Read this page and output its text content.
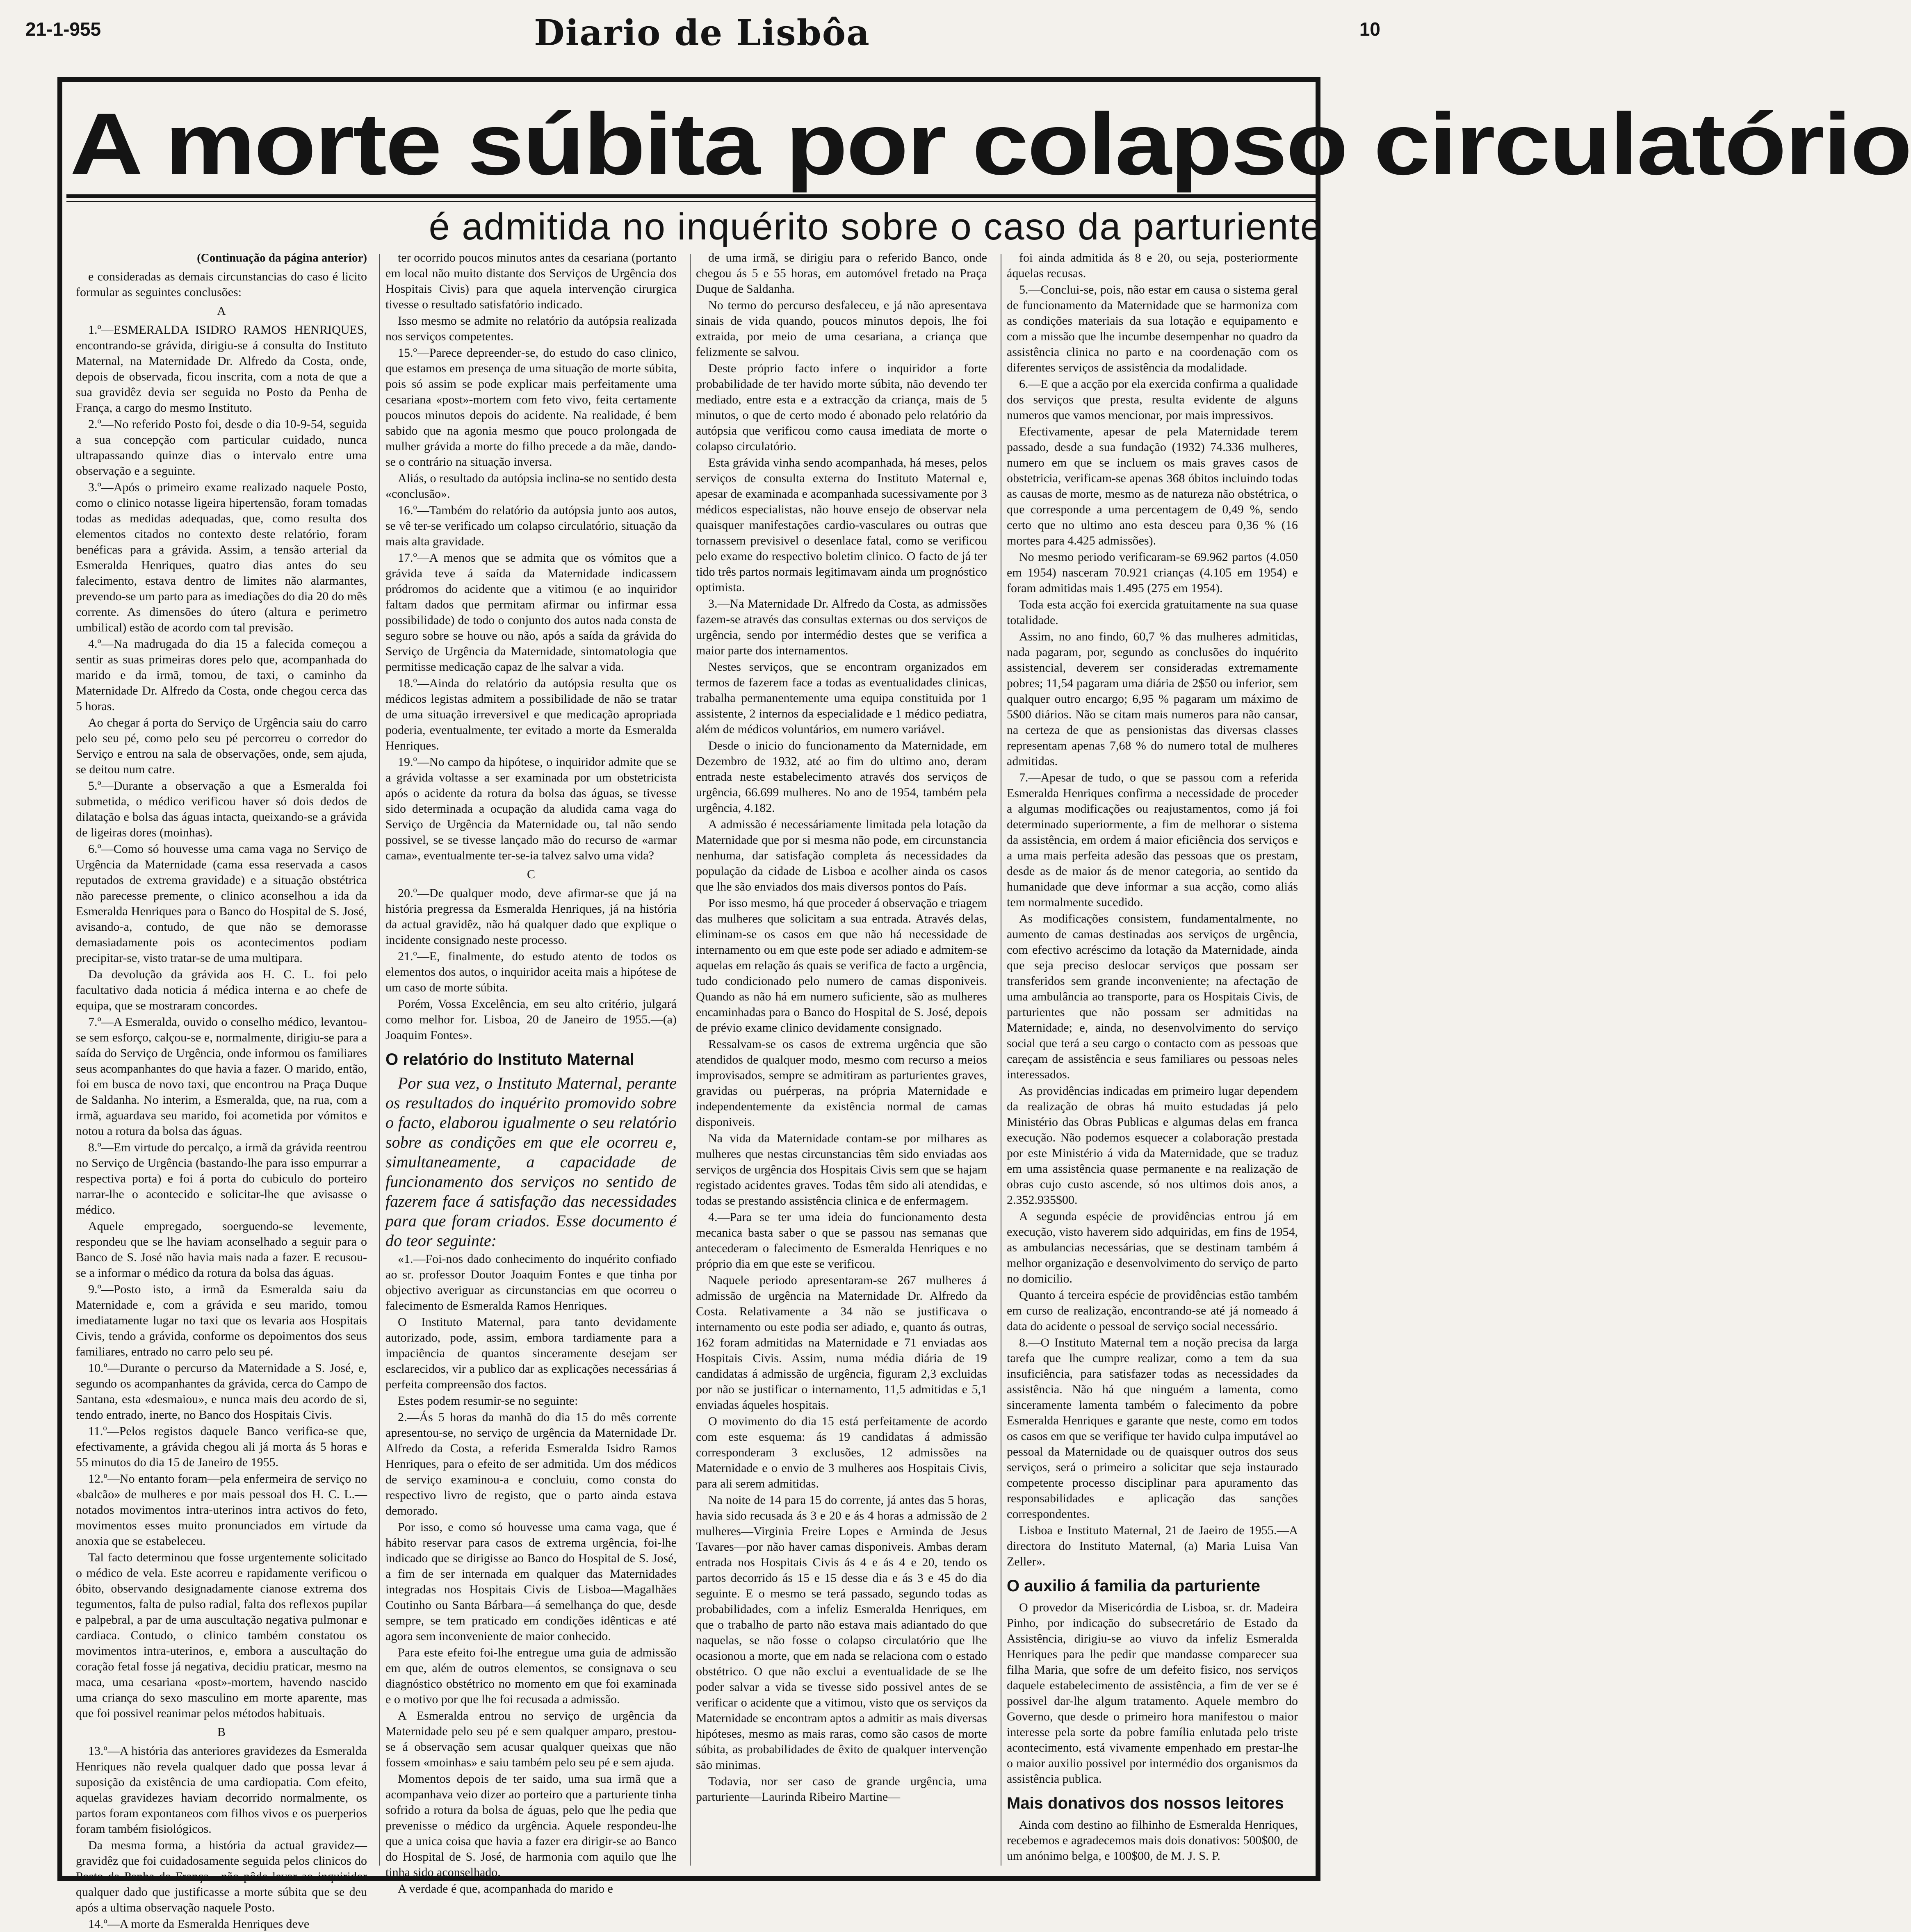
21-1-955	Diario de Lisbôa	10
A morte súbita por colapso circulatório
é admitida no inquérito sobre o caso da parturiente

(Continuação da página anterior)

e consideradas as demais circunstancias do caso é licito formular as seguintes conclusões:

A

1.º—ESMERALDA ISIDRO RAMOS HENRIQUES, encontrando-se grávida, dirigiu-se á consulta do Instituto Maternal, na Maternidade Dr. Alfredo da Costa, onde, depois de observada, ficou inscrita, com a nota de que a sua gravidêz devia ser seguida no Posto da Penha de França, a cargo do mesmo Instituto.

2.º—No referido Posto foi, desde o dia 10-9-54, seguida a sua concepção com particular cuidado, nunca ultrapassando quinze dias o intervalo entre uma observação e a seguinte.

3.º—Após o primeiro exame realizado naquele Posto, como o clinico notasse ligeira hipertensão, foram tomadas todas as medidas adequadas, que, como resulta dos elementos citados no contexto deste relatório, foram benéficas para a grávida. Assim, a tensão arterial da Esmeralda Henriques, quatro dias antes do seu falecimento, estava dentro de limites não alarmantes, prevendo-se um parto para as imediações do dia 20 do mês corrente. As dimensões do útero (altura e perimetro umbilical) estão de acordo com tal previsão.

4.º—Na madrugada do dia 15 a falecida começou a sentir as suas primeiras dores pelo que, acompanhada do marido e da irmã, tomou, de taxi, o caminho da Maternidade Dr. Alfredo da Costa, onde chegou cerca das 5 horas.

Ao chegar á porta do Serviço de Urgência saiu do carro pelo seu pé, como pelo seu pé percorreu o corredor do Serviço e entrou na sala de observações, onde, sem ajuda, se deitou num catre.

5.º—Durante a observação a que a Esmeralda foi submetida, o médico verificou haver só dois dedos de dilatação e bolsa das águas intacta, queixando-se a grávida de ligeiras dores (moinhas).

6.º—Como só houvesse uma cama vaga no Serviço de Urgência da Maternidade (cama essa reservada a casos reputados de extrema gravidade) e a situação obstétrica não parecesse premente, o clinico aconselhou a ida da Esmeralda Henriques para o Banco do Hospital de S. José, avisando-a, contudo, de que não se demorasse demasiadamente pois os acontecimentos podiam precipitar-se, visto tratar-se de uma multipara.

Da devolução da grávida aos H. C. L. foi pelo facultativo dada noticia á médica interna e ao chefe de equipa, que se mostraram concordes.

7.º—A Esmeralda, ouvido o conselho médico, levantou-se sem esforço, calçou-se e, normalmente, dirigiu-se para a saída do Serviço de Urgência, onde informou os familiares seus acompanhantes do que havia a fazer. O marido, então, foi em busca de novo taxi, que encontrou na Praça Duque de Saldanha. No interim, a Esmeralda, que, na rua, com a irmã, aguardava seu marido, foi acometida por vómitos e notou a rotura da bolsa das águas.

8.º—Em virtude do percalço, a irmã da grávida reentrou no Serviço de Urgência (bastando-lhe para isso empurrar a respectiva porta) e foi á porta do cubiculo do porteiro narrar-lhe o acontecido e solicitar-lhe que avisasse o médico.

Aquele empregado, soerguendo-se levemente, respondeu que se lhe haviam aconselhado a seguir para o Banco de S. José não havia mais nada a fazer. E recusou-se a informar o médico da rotura da bolsa das águas.

9.º—Posto isto, a irmã da Esmeralda saiu da Maternidade e, com a grávida e seu marido, tomou imediatamente lugar no taxi que os levaria aos Hospitais Civis, tendo a grávida, conforme os depoimentos dos seus familiares, entrado no carro pelo seu pé.

10.º—Durante o percurso da Maternidade a S. José, e, segundo os acompanhantes da grávida, cerca do Campo de Santana, esta «desmaiou», e nunca mais deu acordo de si, tendo entrado, inerte, no Banco dos Hospitais Civis.

11.º—Pelos registos daquele Banco verifica-se que, efectivamente, a grávida chegou ali já morta ás 5 horas e 55 minutos do dia 15 de Janeiro de 1955.

12.º—No entanto foram—pela enfermeira de serviço no «balcão» de mulheres e por mais pessoal dos H. C. L.—notados movimentos intra-uterinos intra activos do feto, movimentos esses muito pronunciados em virtude da anoxia que se estabeleceu.

Tal facto determinou que fosse urgentemente solicitado o médico de vela. Este acorreu e rapidamente verificou o óbito, observando designadamente cianose extrema dos tegumentos, falta de pulso radial, falta dos reflexos pupilar e palpebral, a par de uma auscultação negativa pulmonar e cardiaca. Contudo, o clinico também constatou os movimentos intra-uterinos, e, embora a auscultação do coração fetal fosse já negativa, decidiu praticar, mesmo na maca, uma cesariana «post»-mortem, havendo nascido uma criança do sexo masculino em morte aparente, mas que foi possivel reanimar pelos métodos habituais.

B

13.º—A história das anteriores gravidezes da Esmeralda Henriques não revela qualquer dado que possa levar á suposição da existência de uma cardiopatia. Com efeito, aquelas gravidezes haviam decorrido normalmente, os partos foram expontaneos com filhos vivos e os puerperios foram também fisiológicos.

Da mesma forma, a história da actual gravidez—gravidêz que foi cuidadosamente seguida pelos clinicos do Posto da Penha de França—não pôde levar ao inquiridor qualquer dado que justificasse a morte súbita que se deu após a ultima observação naquele Posto.

14.º—A morte da Esmeralda Henriques deve

ter ocorrido poucos minutos antes da cesariana (portanto em local não muito distante dos Serviços de Urgência dos Hospitais Civis) para que aquela intervenção cirurgica tivesse o resultado satisfatório indicado.

Isso mesmo se admite no relatório da autópsia realizada nos serviços competentes.

15.º—Parece depreender-se, do estudo do caso clinico, que estamos em presença de uma situação de morte súbita, pois só assim se pode explicar mais perfeitamente uma cesariana «post»-mortem com feto vivo, feita certamente poucos minutos depois do acidente. Na realidade, é bem sabido que na agonia mesmo que pouco prolongada de mulher grávida a morte do filho precede a da mãe, dando-se o contrário na situação inversa.

Aliás, o resultado da autópsia inclina-se no sentido desta «conclusão».

16.º—Também do relatório da autópsia junto aos autos, se vê ter-se verificado um colapso circulatório, situação da mais alta gravidade.

17.º—A menos que se admita que os vómitos que a grávida teve á saída da Maternidade indicassem pródromos do acidente que a vitimou (e ao inquiridor faltam dados que permitam afirmar ou infirmar essa possibilidade) de todo o conjunto dos autos nada consta de seguro sobre se houve ou não, após a saída da grávida do Serviço de Urgência da Maternidade, sintomatologia que permitisse medicação capaz de lhe salvar a vida.

18.º—Ainda do relatório da autópsia resulta que os médicos legistas admitem a possibilidade de não se tratar de uma situação irreversivel e que medicação apropriada poderia, eventualmente, ter evitado a morte da Esmeralda Henriques.

19.º—No campo da hipótese, o inquiridor admite que se a grávida voltasse a ser examinada por um obstetricista após o acidente da rotura da bolsa das águas, se tivesse sido determinada a ocupação da aludida cama vaga do Serviço de Urgência da Maternidade ou, tal não sendo possivel, se se tivesse lançado mão do recurso de «armar cama», eventualmente ter-se-ia talvez salvo uma vida?

C

20.º—De qualquer modo, deve afirmar-se que já na história pregressa da Esmeralda Henriques, já na história da actual gravidêz, não há qualquer dado que explique o incidente consignado neste processo.

21.º—E, finalmente, do estudo atento de todos os elementos dos autos, o inquiridor aceita mais a hipótese de um caso de morte súbita.

Porém, Vossa Excelência, em seu alto critério, julgará como melhor for. Lisboa, 20 de Janeiro de 1955.—(a) Joaquim Fontes».

O relatório do Instituto Maternal

Por sua vez, o Instituto Maternal, perante os resultados do inquérito promovido sobre o facto, elaborou igualmente o seu relatório sobre as condições em que ele ocorreu e, simultaneamente, a capacidade de funcionamento dos serviços no sentido de fazerem face á satisfação das necessidades para que foram criados. Esse documento é do teor seguinte:

«1.—Foi-nos dado conhecimento do inquérito confiado ao sr. professor Doutor Joaquim Fontes e que tinha por objectivo averiguar as circunstancias em que ocorreu o falecimento de Esmeralda Ramos Henriques.

O Instituto Maternal, para tanto devidamente autorizado, pode, assim, embora tardiamente para a impaciência de quantos sinceramente desejam ser esclarecidos, vir a publico dar as explicações necessárias á perfeita compreensão dos factos.

Estes podem resumir-se no seguinte:

2.—Ás 5 horas da manhã do dia 15 do mês corrente apresentou-se, no serviço de urgência da Maternidade Dr. Alfredo da Costa, a referida Esmeralda Isidro Ramos Henriques, para o efeito de ser admitida. Um dos médicos de serviço examinou-a e concluiu, como consta do respectivo livro de registo, que o parto ainda estava demorado.

Por isso, e como só houvesse uma cama vaga, que é hábito reservar para casos de extrema urgência, foi-lhe indicado que se dirigisse ao Banco do Hospital de S. José, a fim de ser internada em qualquer das Maternidades integradas nos Hospitais Civis de Lisboa—Magalhães Coutinho ou Santa Bárbara—á semelhança do que, desde sempre, se tem praticado em condições idênticas e até agora sem inconveniente de maior conhecido.

Para este efeito foi-lhe entregue uma guia de admissão em que, além de outros elementos, se consignava o seu diagnóstico obstétrico no momento em que foi examinada e o motivo por que lhe foi recusada a admissão.

A Esmeralda entrou no serviço de urgência da Maternidade pelo seu pé e sem qualquer amparo, prestou-se á observação sem acusar qualquer queixas que não fossem «moinhas» e saiu também pelo seu pé e sem ajuda.

Momentos depois de ter saido, uma sua irmã que a acompanhava veio dizer ao porteiro que a parturiente tinha sofrido a rotura da bolsa de águas, pelo que lhe pedia que prevenisse o médico da urgência. Aquele respondeu-lhe que a unica coisa que havia a fazer era dirigir-se ao Banco do Hospital de S. José, de harmonia com aquilo que lhe tinha sido aconselhado.

A verdade é que, acompanhada do marido e

de uma irmã, se dirigiu para o referido Banco, onde chegou ás 5 e 55 horas, em automóvel fretado na Praça Duque de Saldanha.

No termo do percurso desfaleceu, e já não apresentava sinais de vida quando, poucos minutos depois, lhe foi extraida, por meio de uma cesariana, a criança que felizmente se salvou.

Deste próprio facto infere o inquiridor a forte probabilidade de ter havido morte súbita, não devendo ter mediado, entre esta e a extracção da criança, mais de 5 minutos, o que de certo modo é abonado pelo relatório da autópsia que verificou como causa imediata de morte o colapso circulatório.

Esta grávida vinha sendo acompanhada, há meses, pelos serviços de consulta externa do Instituto Maternal e, apesar de examinada e acompanhada sucessivamente por 3 médicos especialistas, não houve ensejo de observar nela quaisquer manifestações cardio-vasculares ou outras que tornassem previsivel o desenlace fatal, como se verificou pelo exame do respectivo boletim clinico. O facto de já ter tido três partos normais legitimavam ainda um prognóstico optimista.

3.—Na Maternidade Dr. Alfredo da Costa, as admissões fazem-se através das consultas externas ou dos serviços de urgência, sendo por intermédio destes que se verifica a maior parte dos internamentos.

Nestes serviços, que se encontram organizados em termos de fazerem face a todas as eventualidades clinicas, trabalha permanentemente uma equipa constituida por 1 assistente, 2 internos da especialidade e 1 médico pediatra, além de médicos voluntários, em numero variável.

Desde o inicio do funcionamento da Maternidade, em Dezembro de 1932, até ao fim do ultimo ano, deram entrada neste estabelecimento através dos serviços de urgência, 66.699 mulheres. No ano de 1954, também pela urgência, 4.182.

A admissão é necessáriamente limitada pela lotação da Maternidade que por si mesma não pode, em circunstancia nenhuma, dar satisfação completa ás necessidades da população da cidade de Lisboa e acolher ainda os casos que lhe são enviados dos mais diversos pontos do País.

Por isso mesmo, há que proceder á observação e triagem das mulheres que solicitam a sua entrada. Através delas, eliminam-se os casos em que não há necessidade de internamento ou em que este pode ser adiado e admitem-se aquelas em relação ás quais se verifica de facto a urgência, tudo condicionado pelo numero de camas disponiveis. Quando as não há em numero suficiente, são as mulheres encaminhadas para o Banco do Hospital de S. José, depois de prévio exame clinico devidamente consignado.

Ressalvam-se os casos de extrema urgência que são atendidos de qualquer modo, mesmo com recurso a meios improvisados, sempre se admitiram as parturientes graves, gravidas ou puérperas, na própria Maternidade e independentemente da existência normal de camas disponiveis.

Na vida da Maternidade contam-se por milhares as mulheres que nestas circunstancias têm sido enviadas aos serviços de urgência dos Hospitais Civis sem que se hajam registado acidentes graves. Todas têm sido ali atendidas, e todas se prestando assistência clinica e de enfermagem.

4.—Para se ter uma ideia do funcionamento desta mecanica basta saber o que se passou nas semanas que antecederam o falecimento de Esmeralda Henriques e no próprio dia em que este se verificou.

Naquele periodo apresentaram-se 267 mulheres á admissão de urgência na Maternidade Dr. Alfredo da Costa. Relativamente a 34 não se justificava o internamento ou este podia ser adiado, e, quanto ás outras, 162 foram admitidas na Maternidade e 71 enviadas aos Hospitais Civis. Assim, numa média diária de 19 candidatas á admissão de urgência, figuram 2,3 excluidas por não se justificar o internamento, 11,5 admitidas e 5,1 enviadas áqueles hospitais.

O movimento do dia 15 está perfeitamente de acordo com este esquema: ás 19 candidatas á admissão corresponderam 3 exclusões, 12 admissões na Maternidade e o envio de 3 mulheres aos Hospitais Civis, para ali serem admitidas.

Na noite de 14 para 15 do corrente, já antes das 5 horas, havia sido recusada ás 3 e 20 e ás 4 horas a admissão de 2 mulheres—Virginia Freire Lopes e Arminda de Jesus Tavares—por não haver camas disponiveis. Ambas deram entrada nos Hospitais Civis ás 4 e ás 4 e 20, tendo os partos decorrido ás 15 e 15 desse dia e ás 3 e 45 do dia seguinte. E o mesmo se terá passado, segundo todas as probabilidades, com a infeliz Esmeralda Henriques, em que o trabalho de parto não estava mais adiantado do que naquelas, se não fosse o colapso circulatório que lhe ocasionou a morte, que em nada se relaciona com o estado obstétrico. O que não exclui a eventualidade de se lhe poder salvar a vida se tivesse sido possivel antes de se verificar o acidente que a vitimou, visto que os serviços da Maternidade se encontram aptos a admitir as mais diversas hipóteses, mesmo as mais raras, como são casos de morte súbita, as probabilidades de êxito de qualquer intervenção são minimas.

Todavia, nor ser caso de grande urgência, uma parturiente—Laurinda Ribeiro Martine—

foi ainda admitida ás 8 e 20, ou seja, posteriormente áquelas recusas.

5.—Conclui-se, pois, não estar em causa o sistema geral de funcionamento da Maternidade que se harmoniza com as condições materiais da sua lotação e equipamento e com a missão que lhe incumbe desempenhar no quadro da assistência clinica no parto e na coordenação com os diferentes serviços de assistência da modalidade.

6.—E que a acção por ela exercida confirma a qualidade dos serviços que presta, resulta evidente de alguns numeros que vamos mencionar, por mais impressivos.

Efectivamente, apesar de pela Maternidade terem passado, desde a sua fundação (1932) 74.336 mulheres, numero em que se incluem os mais graves casos de obstetricia, verificam-se apenas 368 óbitos incluindo todas as causas de morte, mesmo as de natureza não obstétrica, o que corresponde a uma percentagem de 0,49 %, sendo certo que no ultimo ano esta desceu para 0,36 % (16 mortes para 4.425 admissões).

No mesmo periodo verificaram-se 69.962 partos (4.050 em 1954) nasceram 70.921 crianças (4.105 em 1954) e foram admitidas mais 1.495 (275 em 1954).

Toda esta acção foi exercida gratuitamente na sua quase totalidade.

Assim, no ano findo, 60,7 % das mulheres admitidas, nada pagaram, por, segundo as conclusões do inquérito assistencial, deverem ser consideradas extremamente pobres; 11,54 pagaram uma diária de 2$50 ou inferior, sem qualquer outro encargo; 6,95 % pagaram um máximo de 5$00 diários. Não se citam mais numeros para não cansar, na certeza de que as pensionistas das diversas classes representam apenas 7,68 % do numero total de mulheres admitidas.

7.—Apesar de tudo, o que se passou com a referida Esmeralda Henriques confirma a necessidade de proceder a algumas modificações ou reajustamentos, como já foi determinado superiormente, a fim de melhorar o sistema da assistência, em ordem á maior eficiência dos serviços e a uma mais perfeita adesão das pessoas que os prestam, desde as de maior ás de menor categoria, ao sentido da humanidade que deve informar a sua acção, como aliás tem normalmente sucedido.

As modificações consistem, fundamentalmente, no aumento de camas destinadas aos serviços de urgência, com efectivo acréscimo da lotação da Maternidade, ainda que seja preciso deslocar serviços que possam ser transferidos sem grande inconveniente; na afectação de uma ambulância ao transporte, para os Hospitais Civis, de parturientes que não possam ser admitidas na Maternidade; e, ainda, no desenvolvimento do serviço social que terá a seu cargo o contacto com as pessoas que careçam de assistência e seus familiares ou pessoas neles interessados.

As providências indicadas em primeiro lugar dependem da realização de obras há muito estudadas já pelo Ministério das Obras Publicas e algumas delas em franca execução. Não podemos esquecer a colaboração prestada por este Ministério á vida da Maternidade, que se traduz em uma assistência quase permanente e na realização de obras cujo custo ascende, só nos ultimos dois anos, a 2.352.935$00.

A segunda espécie de providências entrou já em execução, visto haverem sido adquiridas, em fins de 1954, as ambulancias necessárias, que se destinam também á melhor organização e desenvolvimento do serviço de parto no domicilio.

Quanto á terceira espécie de providências estão também em curso de realização, encontrando-se até já nomeado á data do acidente o pessoal de serviço social necessário.

8.—O Instituto Maternal tem a noção precisa da larga tarefa que lhe cumpre realizar, como a tem da sua insuficiência, para satisfazer todas as necessidades da assistência. Não há que ninguém a lamenta, como sinceramente lamenta também o falecimento da pobre Esmeralda Henriques e garante que neste, como em todos os casos em que se verifique ter havido culpa imputável ao pessoal da Maternidade ou de quaisquer outros dos seus serviços, será o primeiro a solicitar que seja instaurado competente processo disciplinar para apuramento das responsabilidades e aplicação das sanções correspondentes.

Lisboa e Instituto Maternal, 21 de Jaeiro de 1955.—A directora do Instituto Maternal, (a) Maria Luisa Van Zeller».

O auxilio á familia da parturiente

O provedor da Misericórdia de Lisboa, sr. dr. Madeira Pinho, por indicação do subsecretário de Estado da Assistência, dirigiu-se ao viuvo da infeliz Esmeralda Henriques para lhe pedir que mandasse comparecer sua filha Maria, que sofre de um defeito fisico, nos serviços daquele estabelecimento de assistência, a fim de ver se é possivel dar-lhe algum tratamento. Aquele membro do Governo, que desde o primeiro hora manifestou o maior interesse pela sorte da pobre família enlutada pelo triste acontecimento, está vivamente empenhado em prestar-lhe o maior auxilio possivel por intermédio dos organismos da assistência publica.

Mais donativos dos nossos leitores

Ainda com destino ao filhinho de Esmeralda Henriques, recebemos e agradecemos mais dois donativos: 500$00, de um anónimo belga, e 100$00, de M. J. S. P.
